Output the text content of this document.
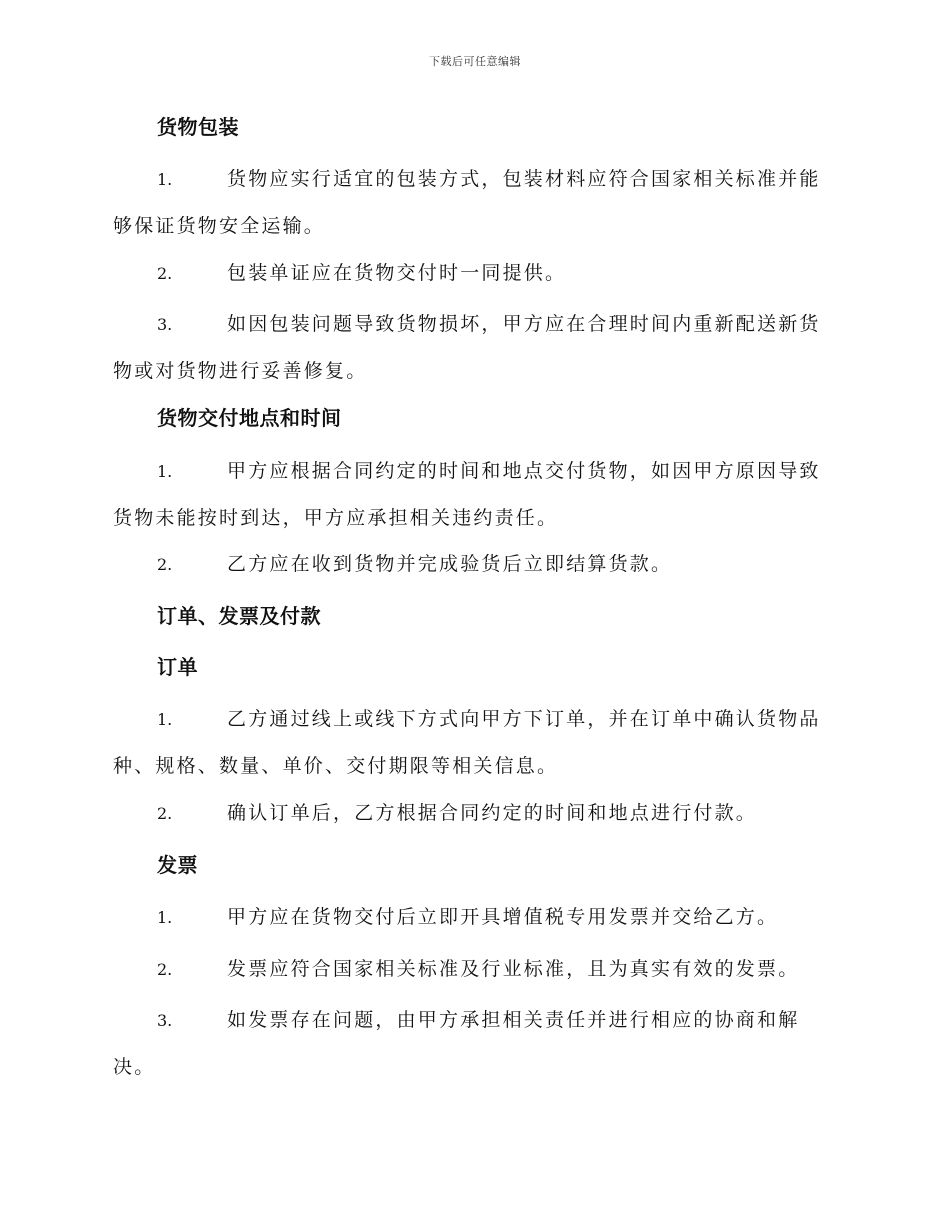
下载后可任意编辑
货物包装
1.	货物应实行适宜的包装方式，包装材料应符合国家相关标准并能够保证货物安全运输。

2.	包装单证应在货物交付时一同提供。

3.	如因包装问题导致货物损坏，甲方应在合理时间内重新配送新货物或对货物进行妥善修复。

货物交付地点和时间
1.	甲方应根据合同约定的时间和地点交付货物，如因甲方原因导致货物未能按时到达，甲方应承担相关违约责任。

2.	乙方应在收到货物并完成验货后立即结算货款。

订单、发票及付款
订单
1.	乙方通过线上或线下方式向甲方下订单，并在订单中确认货物品种、规格、数量、单价、交付期限等相关信息。

2.	确认订单后，乙方根据合同约定的时间和地点进行付款。

发票
1.	甲方应在货物交付后立即开具增值税专用发票并交给乙方。

2.	发票应符合国家相关标准及行业标准，且为真实有效的发票。

3.	如发票存在问题，由甲方承担相关责任并进行相应的协商和解决。
